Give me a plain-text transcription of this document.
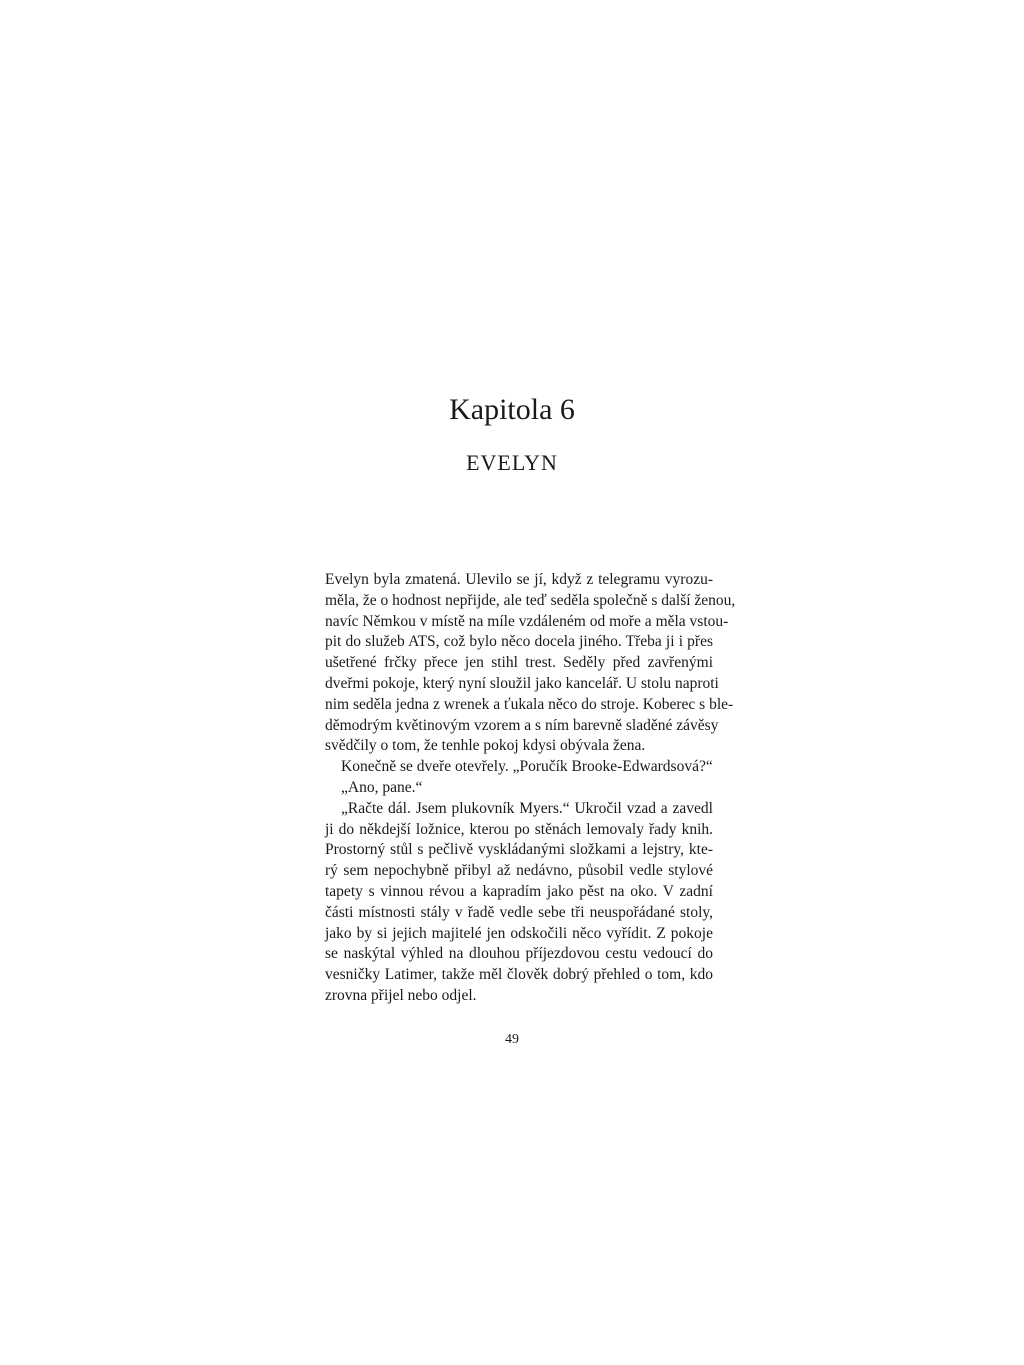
Kapitola 6
EVELYN
Evelyn byla zmatená. Ulevilo se jí, když z telegramu vyrozu-
měla, že o hodnost nepřijde, ale teď seděla společně s další ženou,
navíc Němkou v místě na míle vzdáleném od moře a měla vstou-
pit do služeb ATS, což bylo něco docela jiného. Třeba ji i přes
ušetřené frčky přece jen stihl trest. Seděly před zavřenými
dveřmi pokoje, který nyní sloužil jako kancelář. U stolu naproti
nim seděla jedna z wrenek a ťukala něco do stroje. Koberec s ble-
děmodrým květinovým vzorem a s ním barevně sladěné závěsy
svědčily o tom, že tenhle pokoj kdysi obývala žena.
Konečně se dveře otevřely. „Poručík Brooke-Edwardsová?“
„Ano, pane.“
„Račte dál. Jsem plukovník Myers.“ Ukročil vzad a zavedl
ji do někdejší ložnice, kterou po stěnách lemovaly řady knih.
Prostorný stůl s pečlivě vyskládanými složkami a lejstry, kte-
rý sem nepochybně přibyl až nedávno, působil vedle stylové
tapety s vinnou révou a kapradím jako pěst na oko. V zadní
části místnosti stály v řadě vedle sebe tři neuspořádané stoly,
jako by si jejich majitelé jen odskočili něco vyřídit. Z pokoje
se naskýtal výhled na dlouhou příjezdovou cestu vedoucí do
vesničky Latimer, takže měl člověk dobrý přehled o tom, kdo
zrovna přijel nebo odjel.
49
